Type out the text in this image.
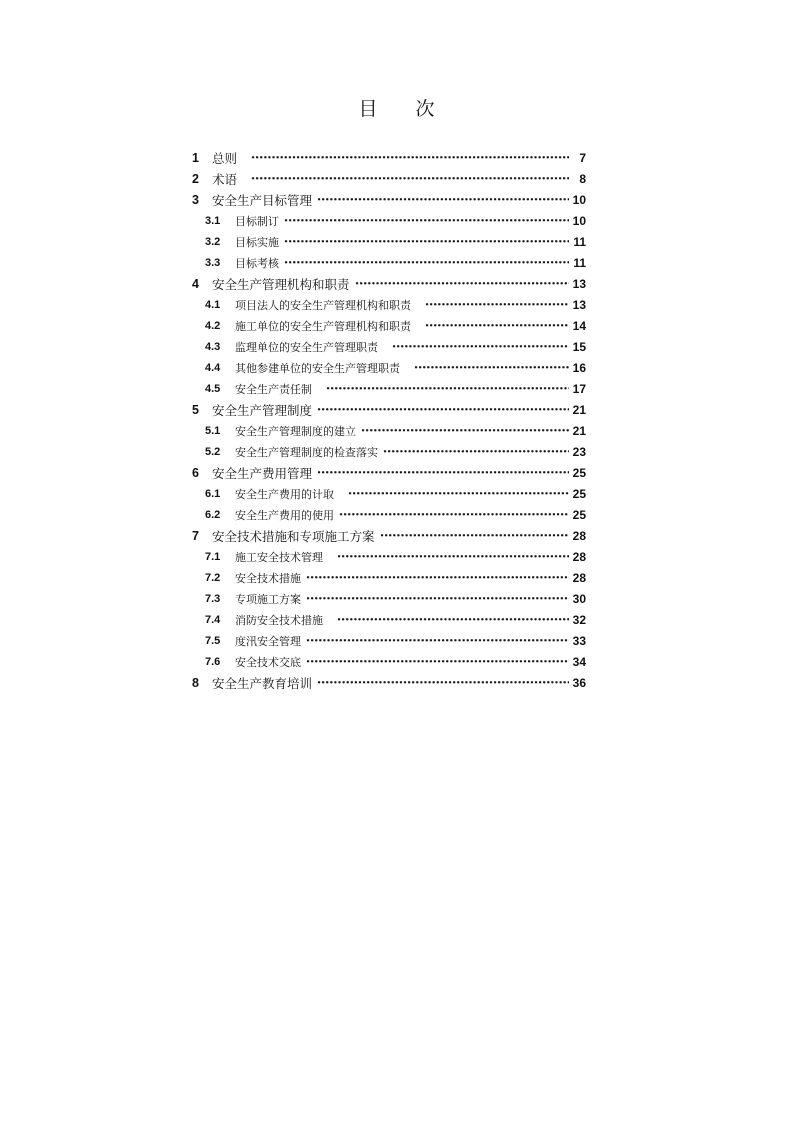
目 次
1	总则	7
2	术语	8
3	安全生产目标管理	10
3.1	目标制订	10
3.2	目标实施	11
3.3	目标考核	11
4	安全生产管理机构和职责	13
4.1	项目法人的安全生产管理机构和职责	13
4.2	施工单位的安全生产管理机构和职责	14
4.3	监理单位的安全生产管理职责	15
4.4	其他参建单位的安全生产管理职责	16
4.5	安全生产责任制	17
5	安全生产管理制度	21
5.1	安全生产管理制度的建立	21
5.2	安全生产管理制度的检查落实	23
6	安全生产费用管理	25
6.1	安全生产费用的计取	25
6.2	安全生产费用的使用	25
7	安全技术措施和专项施工方案	28
7.1	施工安全技术管理	28
7.2	安全技术措施	28
7.3	专项施工方案	30
7.4	消防安全技术措施	32
7.5	度汛安全管理	33
7.6	安全技术交底	34
8	安全生产教育培训	36
